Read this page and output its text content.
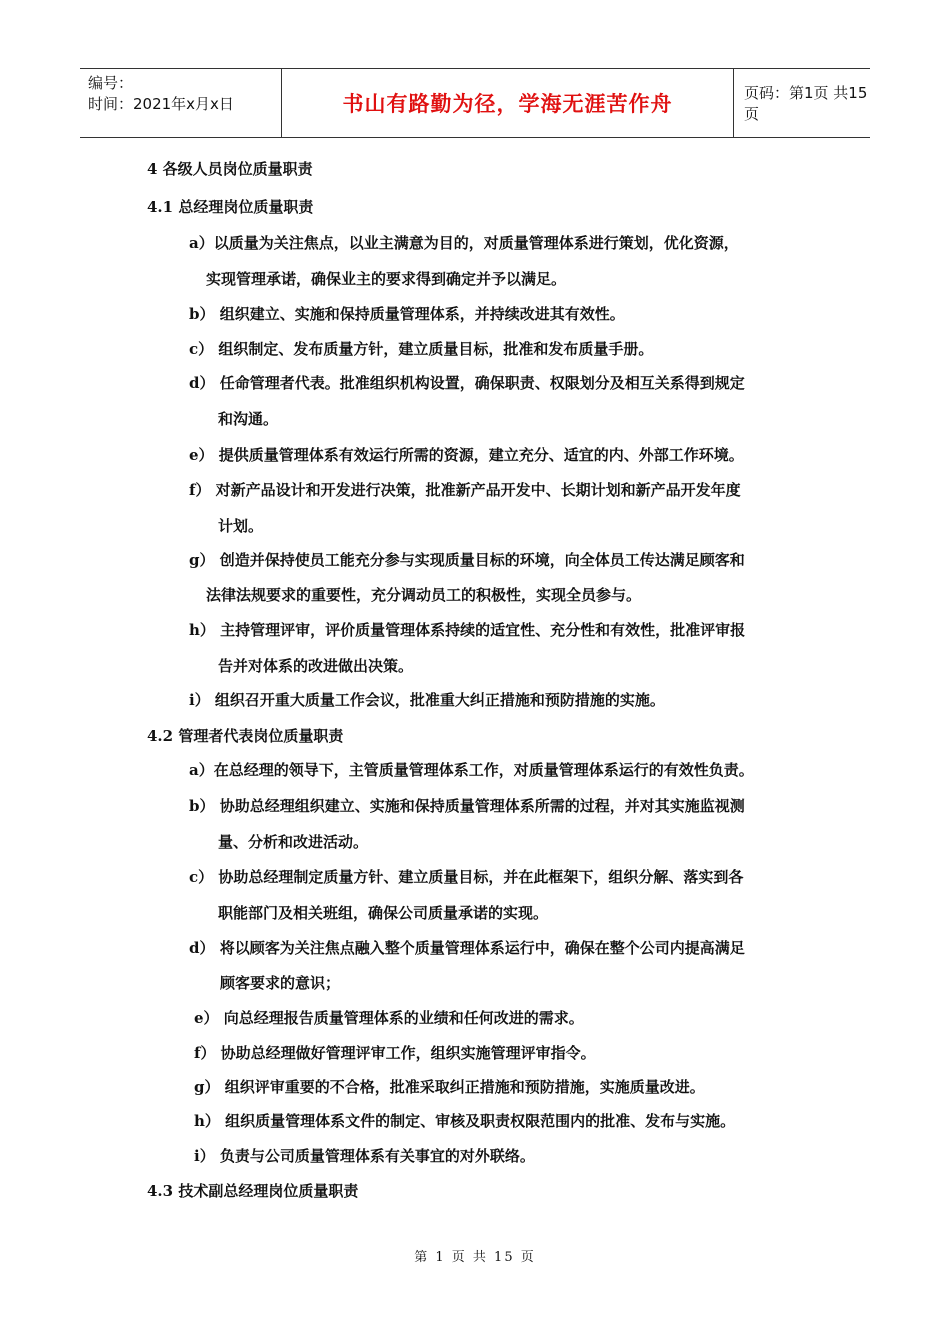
编号：
时间：2021年x月x日	书山有路勤为径，学海无涯苦作舟	页码：第1页 共15页
4 各级人员岗位质量职责
4.1 总经理岗位质量职责
a）以质量为关注焦点，以业主满意为目的，对质量管理体系进行策划，优化资源，
实现管理承诺，确保业主的要求得到确定并予以满足。
b） 组织建立、实施和保持质量管理体系，并持续改进其有效性。
c） 组织制定、发布质量方针，建立质量目标，批准和发布质量手册。
d） 任命管理者代表。批准组织机构设置，确保职责、权限划分及相互关系得到规定
和沟通。
e） 提供质量管理体系有效运行所需的资源，建立充分、适宜的内、外部工作环境。
f） 对新产品设计和开发进行决策，批准新产品开发中、长期计划和新产品开发年度
计划。
g） 创造并保持使员工能充分参与实现质量目标的环境，向全体员工传达满足顾客和
法律法规要求的重要性，充分调动员工的积极性，实现全员参与。
h） 主持管理评审，评价质量管理体系持续的适宜性、充分性和有效性，批准评审报
告并对体系的改进做出决策。
i） 组织召开重大质量工作会议，批准重大纠正措施和预防措施的实施。
4.2 管理者代表岗位质量职责
a）在总经理的领导下，主管质量管理体系工作，对质量管理体系运行的有效性负责。
b） 协助总经理组织建立、实施和保持质量管理体系所需的过程，并对其实施监视测
量、分析和改进活动。
c） 协助总经理制定质量方针、建立质量目标，并在此框架下，组织分解、落实到各
职能部门及相关班组，确保公司质量承诺的实现。
d） 将以顾客为关注焦点融入整个质量管理体系运行中，确保在整个公司内提高满足
顾客要求的意识；
e） 向总经理报告质量管理体系的业绩和任何改进的需求。
f） 协助总经理做好管理评审工作，组织实施管理评审指令。
g） 组织评审重要的不合格，批准采取纠正措施和预防措施，实施质量改进。
h） 组织质量管理体系文件的制定、审核及职责权限范围内的批准、发布与实施。
i） 负责与公司质量管理体系有关事宜的对外联络。
4.3 技术副总经理岗位质量职责
第 1 页 共 15 页
